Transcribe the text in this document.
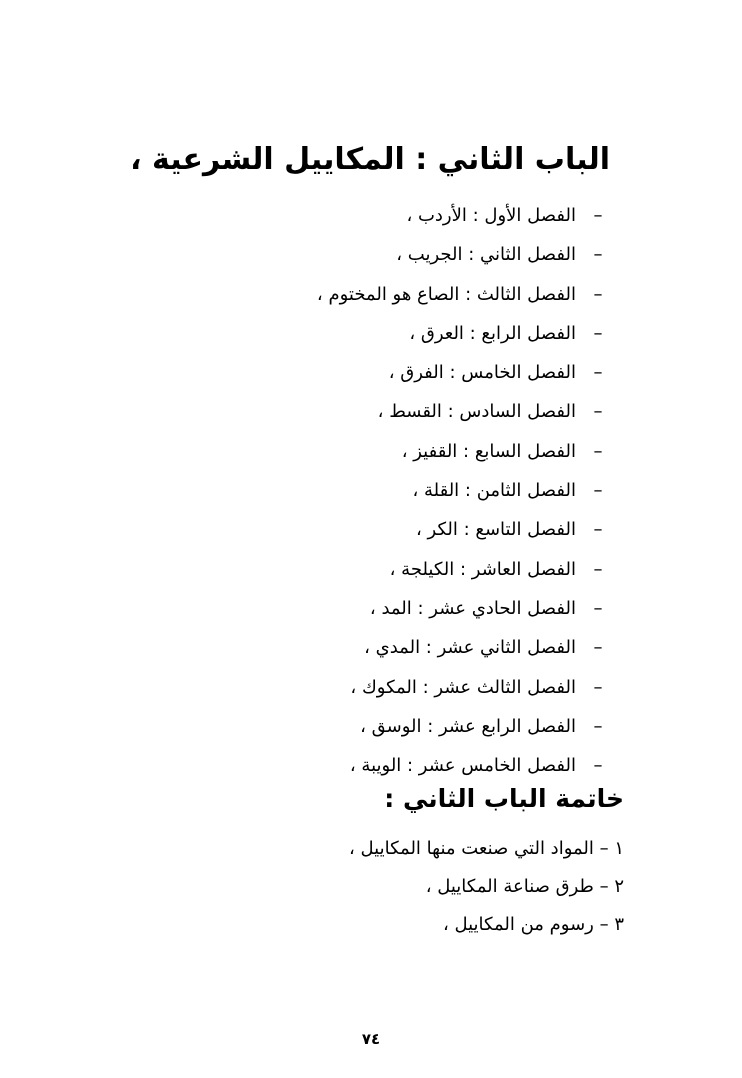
الباب الثاني : المكاييل الشرعية ،
–الفصل الأول : الأردب ،
–الفصل الثاني : الجريب ،
–الفصل الثالث : الصاع هو المختوم ،
–الفصل الرابع : العرق ،
–الفصل الخامس : الفرق ،
–الفصل السادس : القسط ،
–الفصل السابع : القفيز ،
–الفصل الثامن : القلة ،
–الفصل التاسع : الكر ،
–الفصل العاشر : الكيلجة ،
–الفصل الحادي عشر : المد ،
–الفصل الثاني عشر : المدي ،
–الفصل الثالث عشر : المكوك ،
–الفصل الرابع عشر : الوسق ،
–الفصل الخامس عشر : الويبة ،
خاتمة الباب الثاني :
١ – المواد التي صنعت منها المكاييل ،
٢ – طرق صناعة المكاييل ،
٣ – رسوم من المكاييل ،
٧٤
